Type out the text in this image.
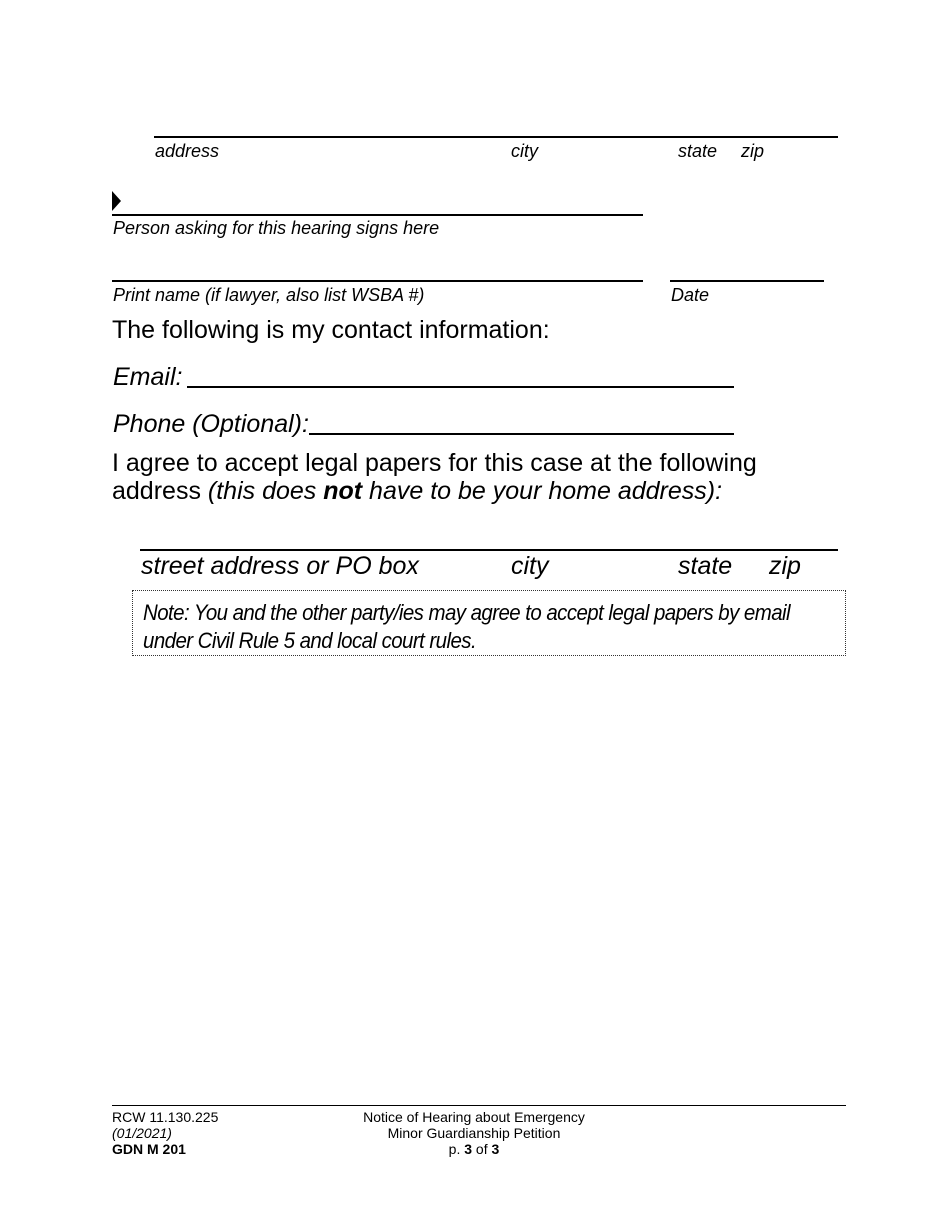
address	city	state zip
Person asking for this hearing signs here
Print name (if lawyer, also list WSBA #)	Date
The following is my contact information:
Email:
Phone (Optional):
I agree to accept legal papers for this case at the following
address (this does not have to be your home address):
street address or PO box	city	state zip
Note: You and the other party/ies may agree to accept legal papers by email
under Civil Rule 5 and local court rules.
RCW 11.130.225
(01/2021)
GDN M 201
Notice of Hearing about Emergency
Minor Guardianship Petition
p. 3 of 3
